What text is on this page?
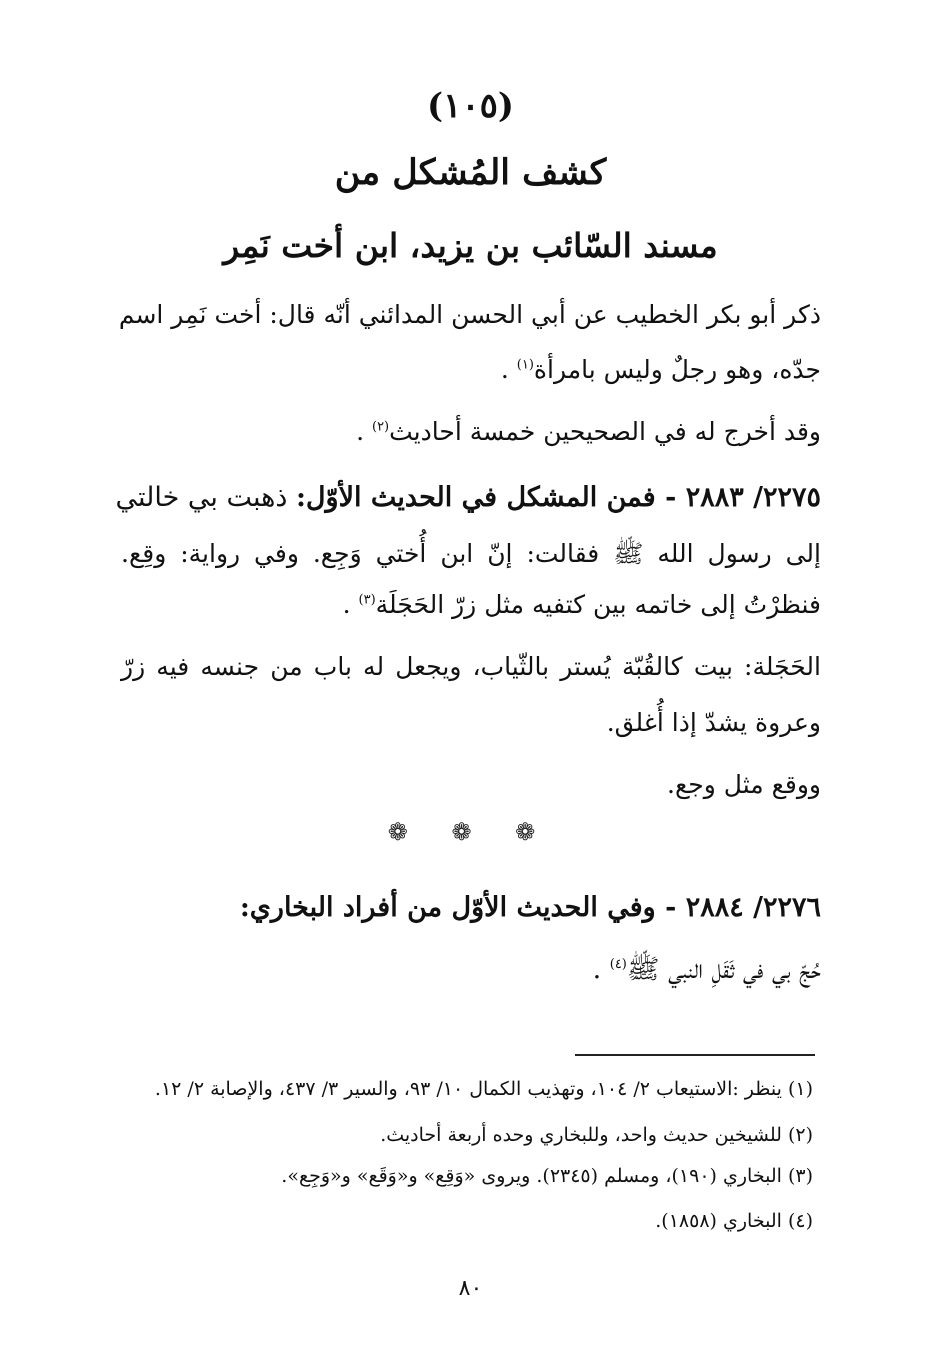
(١٠٥)
كشف المُشكل من
مسند السّائب بن يزيد، ابن أخت نَمِر
ذكر أبو بكر الخطيب عن أبي الحسن المدائني أنّه قال: أخت نَمِر اسم
جدّه، وهو رجلٌ وليس بامرأة$^{(١)}$ .
وقد أخرج له في الصحيحين خمسة أحاديث$^{(٢)}$ .
٢٢٧٥/ ٢٨٨٣ - فمن المشكل في الحديث الأوّل: ذهبت بي خالتي
إلى رسول الله ﷺ فقالت: إنّ ابن أُختي وَجِع. وفي رواية: وقِع.
فنظرْتُ إلى خاتمه بين كتفيه مثل زرّ الحَجَلَة$^{(٣)}$ .
الحَجَلة: بيت كالقُبّة يُستر بالثّياب، ويجعل له باب من جنسه فيه زرّ
وعروة يشدّ إذا أُغلق.
ووقع مثل وجع.
❁ ❁ ❁
٢٢٧٦/ ٢٨٨٤ - وفي الحديث الأوّل من أفراد البخاري:
حُجّ بي في ثَقَلِ النبي ﷺ$^{(٤)}$ .
(١) ينظر :الاستيعاب ٢/ ١٠٤، وتهذيب الكمال ١٠/ ٩٣، والسير ٣/ ٤٣٧، والإصابة ٢/ ١٢.
(٢) للشيخين حديث واحد، وللبخاري وحده أربعة أحاديث.
(٣) البخاري (١٩٠)، ومسلم (٢٣٤٥). ويروى «وَقِع» و«وَقَع» و«وَجِع».
(٤) البخاري (١٨٥٨).
٨٠
